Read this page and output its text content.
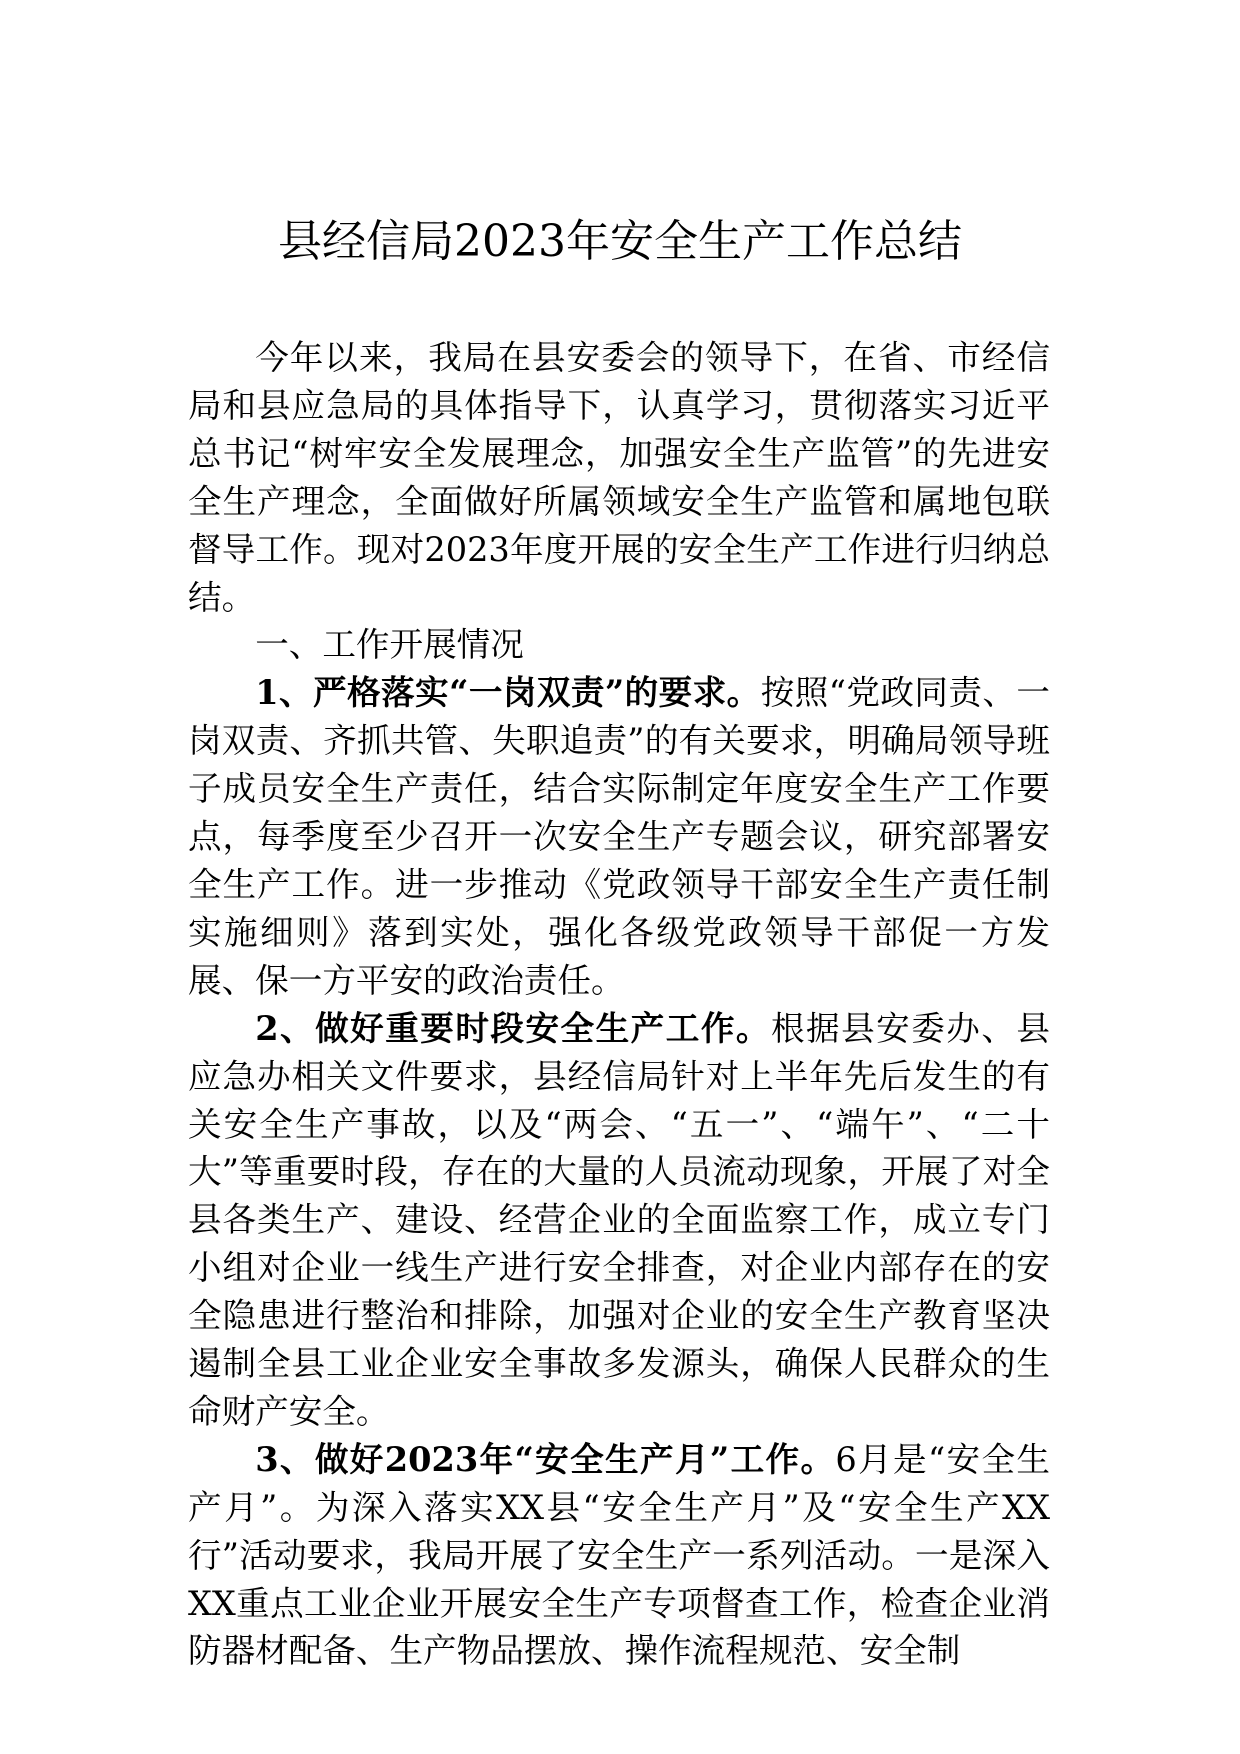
县经信局2023年安全生产工作总结

今年以来，我局在县安委会的领导下，在省、市经信局和县应急局的具体指导下，认真学习，贯彻落实习近平总书记“树牢安全发展理念，加强安全生产监管”的先进安全生产理念，全面做好所属领域安全生产监管和属地包联督导工作。现对2023年度开展的安全生产工作进行归纳总结。

一、工作开展情况

1、严格落实“一岗双责”的要求。按照“党政同责、一岗双责、齐抓共管、失职追责”的有关要求，明确局领导班子成员安全生产责任，结合实际制定年度安全生产工作要点，每季度至少召开一次安全生产专题会议，研究部署安全生产工作。进一步推动《党政领导干部安全生产责任制实施细则》落到实处，强化各级党政领导干部促一方发展、保一方平安的政治责任。

2、做好重要时段安全生产工作。根据县安委办、县应急办相关文件要求，县经信局针对上半年先后发生的有关安全生产事故，以及“两会、“五一”、“端午”、“二十大”等重要时段，存在的大量的人员流动现象，开展了对全县各类生产、建设、经营企业的全面监察工作，成立专门小组对企业一线生产进行安全排查，对企业内部存在的安全隐患进行整治和排除，加强对企业的安全生产教育坚决遏制全县工业企业安全事故多发源头，确保人民群众的生命财产安全。

3、做好2023年“安全生产月”工作。6月是“安全生产月”。为深入落实XX县“安全生产月”及“安全生产XX行”活动要求，我局开展了安全生产一系列活动。一是深入XX重点工业企业开展安全生产专项督查工作，检查企业消防器材配备、生产物品摆放、操作流程规范、安全制
